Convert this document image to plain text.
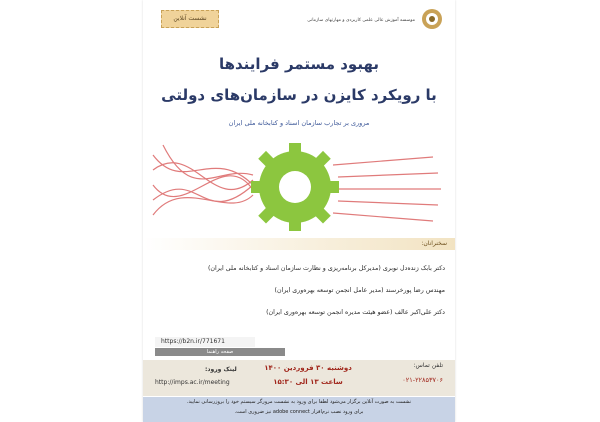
موسسه آموزش عالی علمی کاربردی و مهارتهای سازمانی
نشست آنلاین
بهبود مستمر فرایندها
با رویکرد کایزن در سازمان‌های دولتی
مروری بر تجارب سازمان اسناد و کتابخانه ملی ایران
سخنرانان:
دکتر بابک زنده‌دل نوبری (مدیرکل برنامه‌ریزی و نظارت سازمان اسناد و کتابخانه ملی ایران)
مهندس رضا پورخرسند (مدیر عامل انجمن توسعه بهره‌وری ایران)
دکتر علی‌اکبر عالف (عضو هیئت مدیره انجمن توسعه بهره‌وری ایران)
https://b2n.ir/771671
صفحه راهنما
تلفن تماس:
۰۲۱-۲۲۸۵۳۷۰۶
دوشنبه ۳۰ فروردین ۱۴۰۰
ساعت ۱۳ الی ۱۵:۳۰
لینک ورود:
http://imps.ac.ir/meeting
نشست به صورت آنلاین برگزار می‌شود لطفا برای ورود به نشست مرورگر سیستم خود را بروزرسانی نمایید.
برای ورود نصب نرم‌افزار adobe connect نیز ضروری است.
